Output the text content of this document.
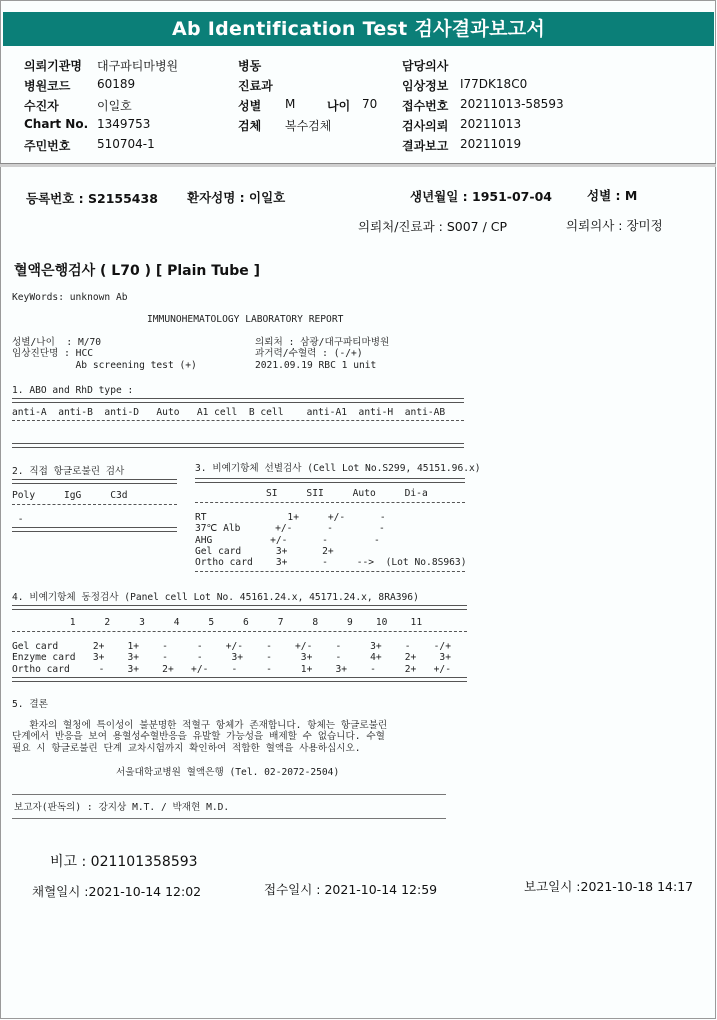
Ab Identification Test 검사결과보고서
의뢰기관명 대구파티마병원
병원코드 60189
수진자	이일호
Chart No. 1349753
주민번호 510704-1
병동
진료과
성별 M	나이 70
검체 복수검체
담당의사
임상정보 I77DK18C0
접수번호 20211013-58593
검사의뢰 20211013
결과보고 20211019
등록번호 : S2155438 환자성명 : 이일호	생년월일 : 1951-07-04	성별 : M
의뢰처/진료과 : S007 / CP	의뢰의사 : 장미정
혈액은행검사 ( L70 ) [ Plain Tube ]
KeyWords: unknown Ab
IMMUNOHEMATOLOGY LABORATORY REPORT
성별/나이  : M/70
임상진단명 : HCC
Ab screening test (+)
의뢰처 : 삼광/대구파티마병원
과거력/수혈력 : (-/+)
2021.09.19 RBC 1 unit
1. ABO and RhD type :
anti-A  anti-B  anti-D   Auto   A1 cell  B cell    anti-A1  anti-H  anti-AB
2. 직접 항글로불린 검사
Poly     IgG     C3d
-
3. 비예기항체 선별검사 (Cell Lot No.S299, 45151.96.x)
SI     SII     Auto     Di-a
RT              1+     +/-      -
37℃ Alb      +/-      -        -
AHG          +/-      -        -
Gel card      3+      2+
Ortho card    3+      -     -->  (Lot No.8S963)
4. 비예기항체 동정검사 (Panel cell Lot No. 45161.24.x, 45171.24.x, 8RA396)
1     2     3     4     5     6     7     8     9    10    11
Gel card      2+    1+    -     -    +/-    -    +/-    -     3+    -    -/+
Enzyme card   3+    3+    -     -     3+    -     3+    -     4+    2+    3+
Ortho card     -    3+    2+   +/-    -     -     1+    3+    -     2+   +/-
5. 결론
환자의 혈청에 특이성이 불분명한 적혈구 항체가 존재합니다. 항체는 항글로불린
단계에서 반응을 보여 용혈성수혈반응을 유발할 가능성을 배제할 수 없습니다. 수혈
필요 시 항글로불린 단계 교차시험까지 확인하여 적합한 혈액을 사용하십시오.
서울대학교병원 혈액은행 (Tel. 02-2072-2504)
보고자(판독의) : 강지상 M.T. / 박재현 M.D.
비고 : 021101358593
채혈일시 :2021-10-14 12:02	접수일시 : 2021-10-14 12:59	보고일시 :2021-10-18 14:17
